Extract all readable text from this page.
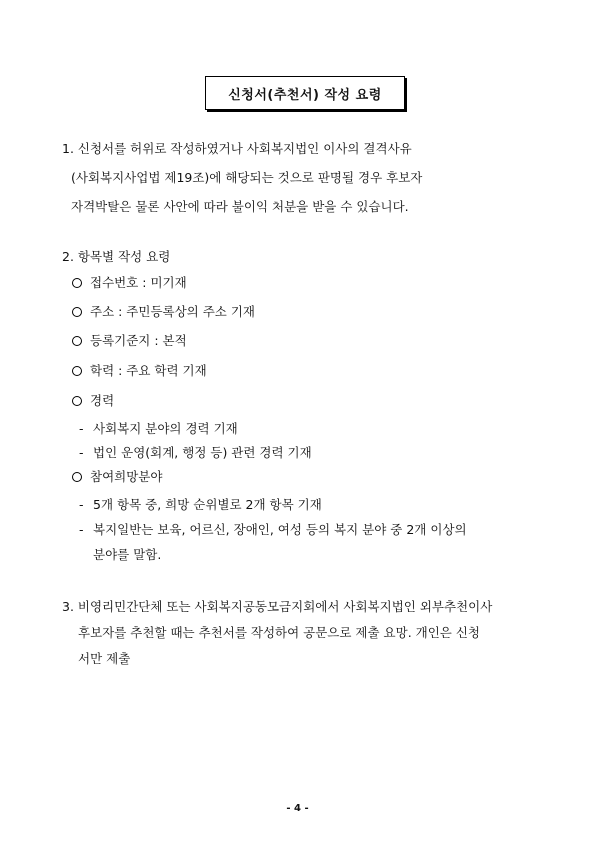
신청서(추천서) 작성 요령
1. 신청서를 허위로 작성하였거나 사회복지법인 이사의 결격사유
(사회복지사업법 제19조)에 해당되는 것으로 판명될 경우 후보자
자격박탈은 물론 사안에 따라 불이익 처분을 받을 수 있습니다.
2. 항목별 작성 요령
접수번호 : 미기재
주소 : 주민등록상의 주소 기재
등록기준지 : 본적
학력 : 주요 학력 기재
경력
- 사회복지 분야의 경력 기재
- 법인 운영(회계, 행정 등) 관련 경력 기재
참여희망분야
- 5개 항목 중, 희망 순위별로 2개 항목 기재
- 복지일반는 보육, 어르신, 장애인, 여성 등의 복지 분야 중 2개 이상의
분야를 말함.
3. 비영리민간단체 또는 사회복지공동모금지회에서 사회복지법인 외부추천이사
후보자를 추천할 때는 추천서를 작성하여 공문으로 제출 요망. 개인은 신청
서만 제출
- 4 -
